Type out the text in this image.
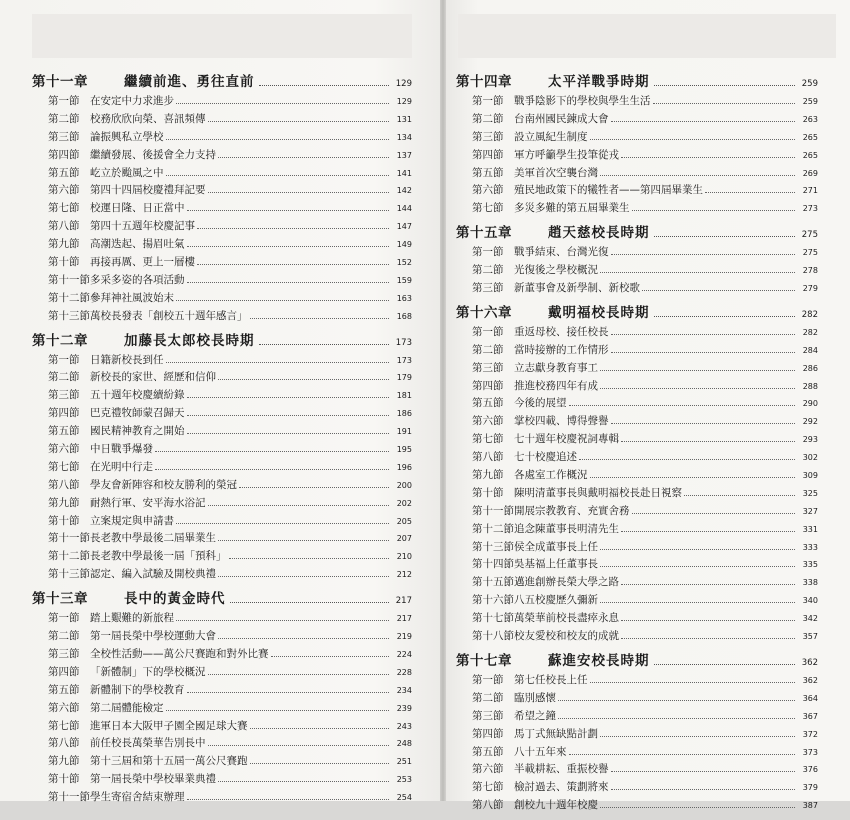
第十一章	繼續前進、勇往直前	129
第一節	在安定中力求進步	129
第二節	校務欣欣向榮、喜訊頻傳	131
第三節	論振興私立學校	134
第四節	繼續發展、後援會全力支持	137
第五節	屹立於颱風之中	141
第六節	第四十四屆校慶禮拜記要	142
第七節	校運日隆、日正當中	144
第八節	第四十五週年校慶記事	147
第九節	高潮迭起、揚眉吐氣	149
第十節	再接再厲、更上一層樓	152
第十一節 多采多姿的各項活動	159
第十二節 參拜神社風波始末	163
第十三節 萬校長發表「創校五十週年感言」	168
第十二章	加藤長太郎校長時期	173
第一節	日籍新校長到任	173
第二節	新校長的家世、經歷和信仰	179
第三節	五十週年校慶續紛錄	181
第四節	巴克禮牧師蒙召歸天	186
第五節	國民精神教育之開始	191
第六節	中日戰爭爆發	195
第七節	在光明中行走	196
第八節	學友會新陣容和校友勝利的榮冠	200
第九節	耐熱行軍、安平海水浴記	202
第十節	立案規定與申請書	205
第十一節 長老教中學最後二屆畢業生	207
第十二節 長老教中學最後一屆「預科」	210
第十三節 認定、編入試驗及開校典禮	212
第十三章	長中的黃金時代	217
第一節	踏上艱難的新旅程	217
第二節	第一屆長榮中學校運動大會	219
第三節	全校性活動——萬公尺賽跑和對外比賽	224
第四節	「新體制」下的學校概況	228
第五節	新體制下的學校教育	234
第六節	第二屆體能檢定	239
第七節	進軍日本大阪甲子園全國足球大賽	243
第八節	前任校長萬榮華告別長中	248
第九節	第十三屆和第十五屆一萬公尺賽跑	251
第十節	第一屆長榮中學校畢業典禮	253
第十一節 學生寄宿舍結束辦理	254
第十四章	太平洋戰爭時期	259
第一節	戰爭陰影下的學校與學生生活	259
第二節	台南州國民鍊成大會	263
第三節	設立風紀生制度	265
第四節	軍方呼籲學生投筆從戎	265
第五節	美軍首次空襲台灣	269
第六節	殖民地政策下的犧牲者——第四屆畢業生	271
第七節	多災多難的第五屆畢業生	273
第十五章	趙天慈校長時期	275
第一節	戰爭結束、台灣光復	275
第二節	光復後之學校概況	278
第三節	新董事會及新學制、新校歌	279
第十六章	戴明福校長時期	282
第一節	重返母校、接任校長	282
第二節	當時接辦的工作情形	284
第三節	立志獻身教育事工	286
第四節	推進校務四年有成	288
第五節	今後的展望	290
第六節	掌校四載、博得聲譽	292
第七節	七十週年校慶祝詞專輯	293
第八節	七十校慶追述	302
第九節	各處室工作概況	309
第十節	陳明清董事長與戴明福校長赴日視察	325
第十一節 開展宗教教育、充實舍務	327
第十二節 追念陳董事長明清先生	331
第十三節 侯全成董事長上任	333
第十四節 吳基福上任董事長	335
第十五節 邁進創辦長榮大學之路	338
第十六節 八五校慶歷久彌新	340
第十七節 萬榮華前校長盡瘁永息	342
第十八節 校友愛校和校友的成就	357
第十七章	蘇進安校長時期	362
第一節	第七任校長上任	362
第二節	臨別感懷	364
第三節	希望之鐘	367
第四節	馬丁式無缺點計劃	372
第五節	八十五年來	373
第六節	半載耕耘、重振校譽	376
第七節	檢討過去、策劃將來	379
第八節	創校九十週年校慶	387
